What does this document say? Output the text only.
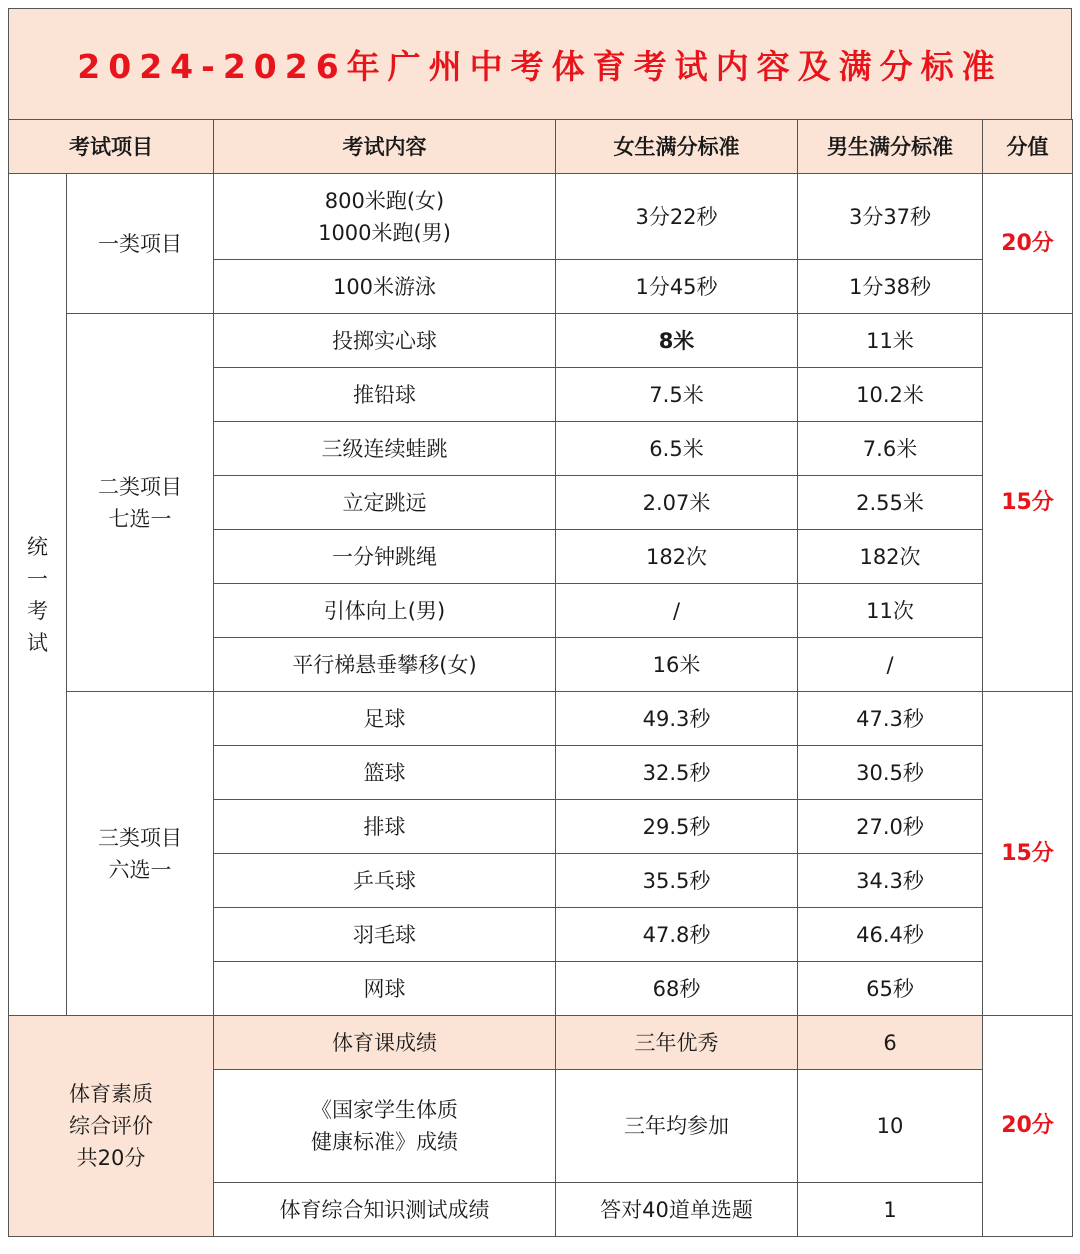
2024-2026年广州中考体育考试内容及满分标准
考试项目		考试内容	女生满分标准	男生满分标准	分值
统一考试	一类项目	800米跑(女)
1000米跑(男)	3分22秒	3分37秒	20分

		100米游泳	1分45秒	1分38秒	

	二类项目
七选一	投掷实心球	8米	11米	15分

		推铅球	7.5米	10.2米	

		三级连续蛙跳	6.5米	7.6米	

		立定跳远	2.07米	2.55米	

		一分钟跳绳	182次	182次	

		引体向上(男)	/	11次	

		平行梯悬垂攀移(女)	16米	/	

	三类项目
六选一	足球	49.3秒	47.3秒	15分

		篮球	32.5秒	30.5秒	

		排球	29.5秒	27.0秒	

		乒乓球	35.5秒	34.3秒	

		羽毛球	47.8秒	46.4秒	

		网球	68秒	65秒	

体育素质
综合评价
共20分		体育课成绩	三年优秀	6	20分

		《国家学生体质
健康标准》成绩	三年均参加	10	

		体育综合知识测试成绩	答对40道单选题	1	
